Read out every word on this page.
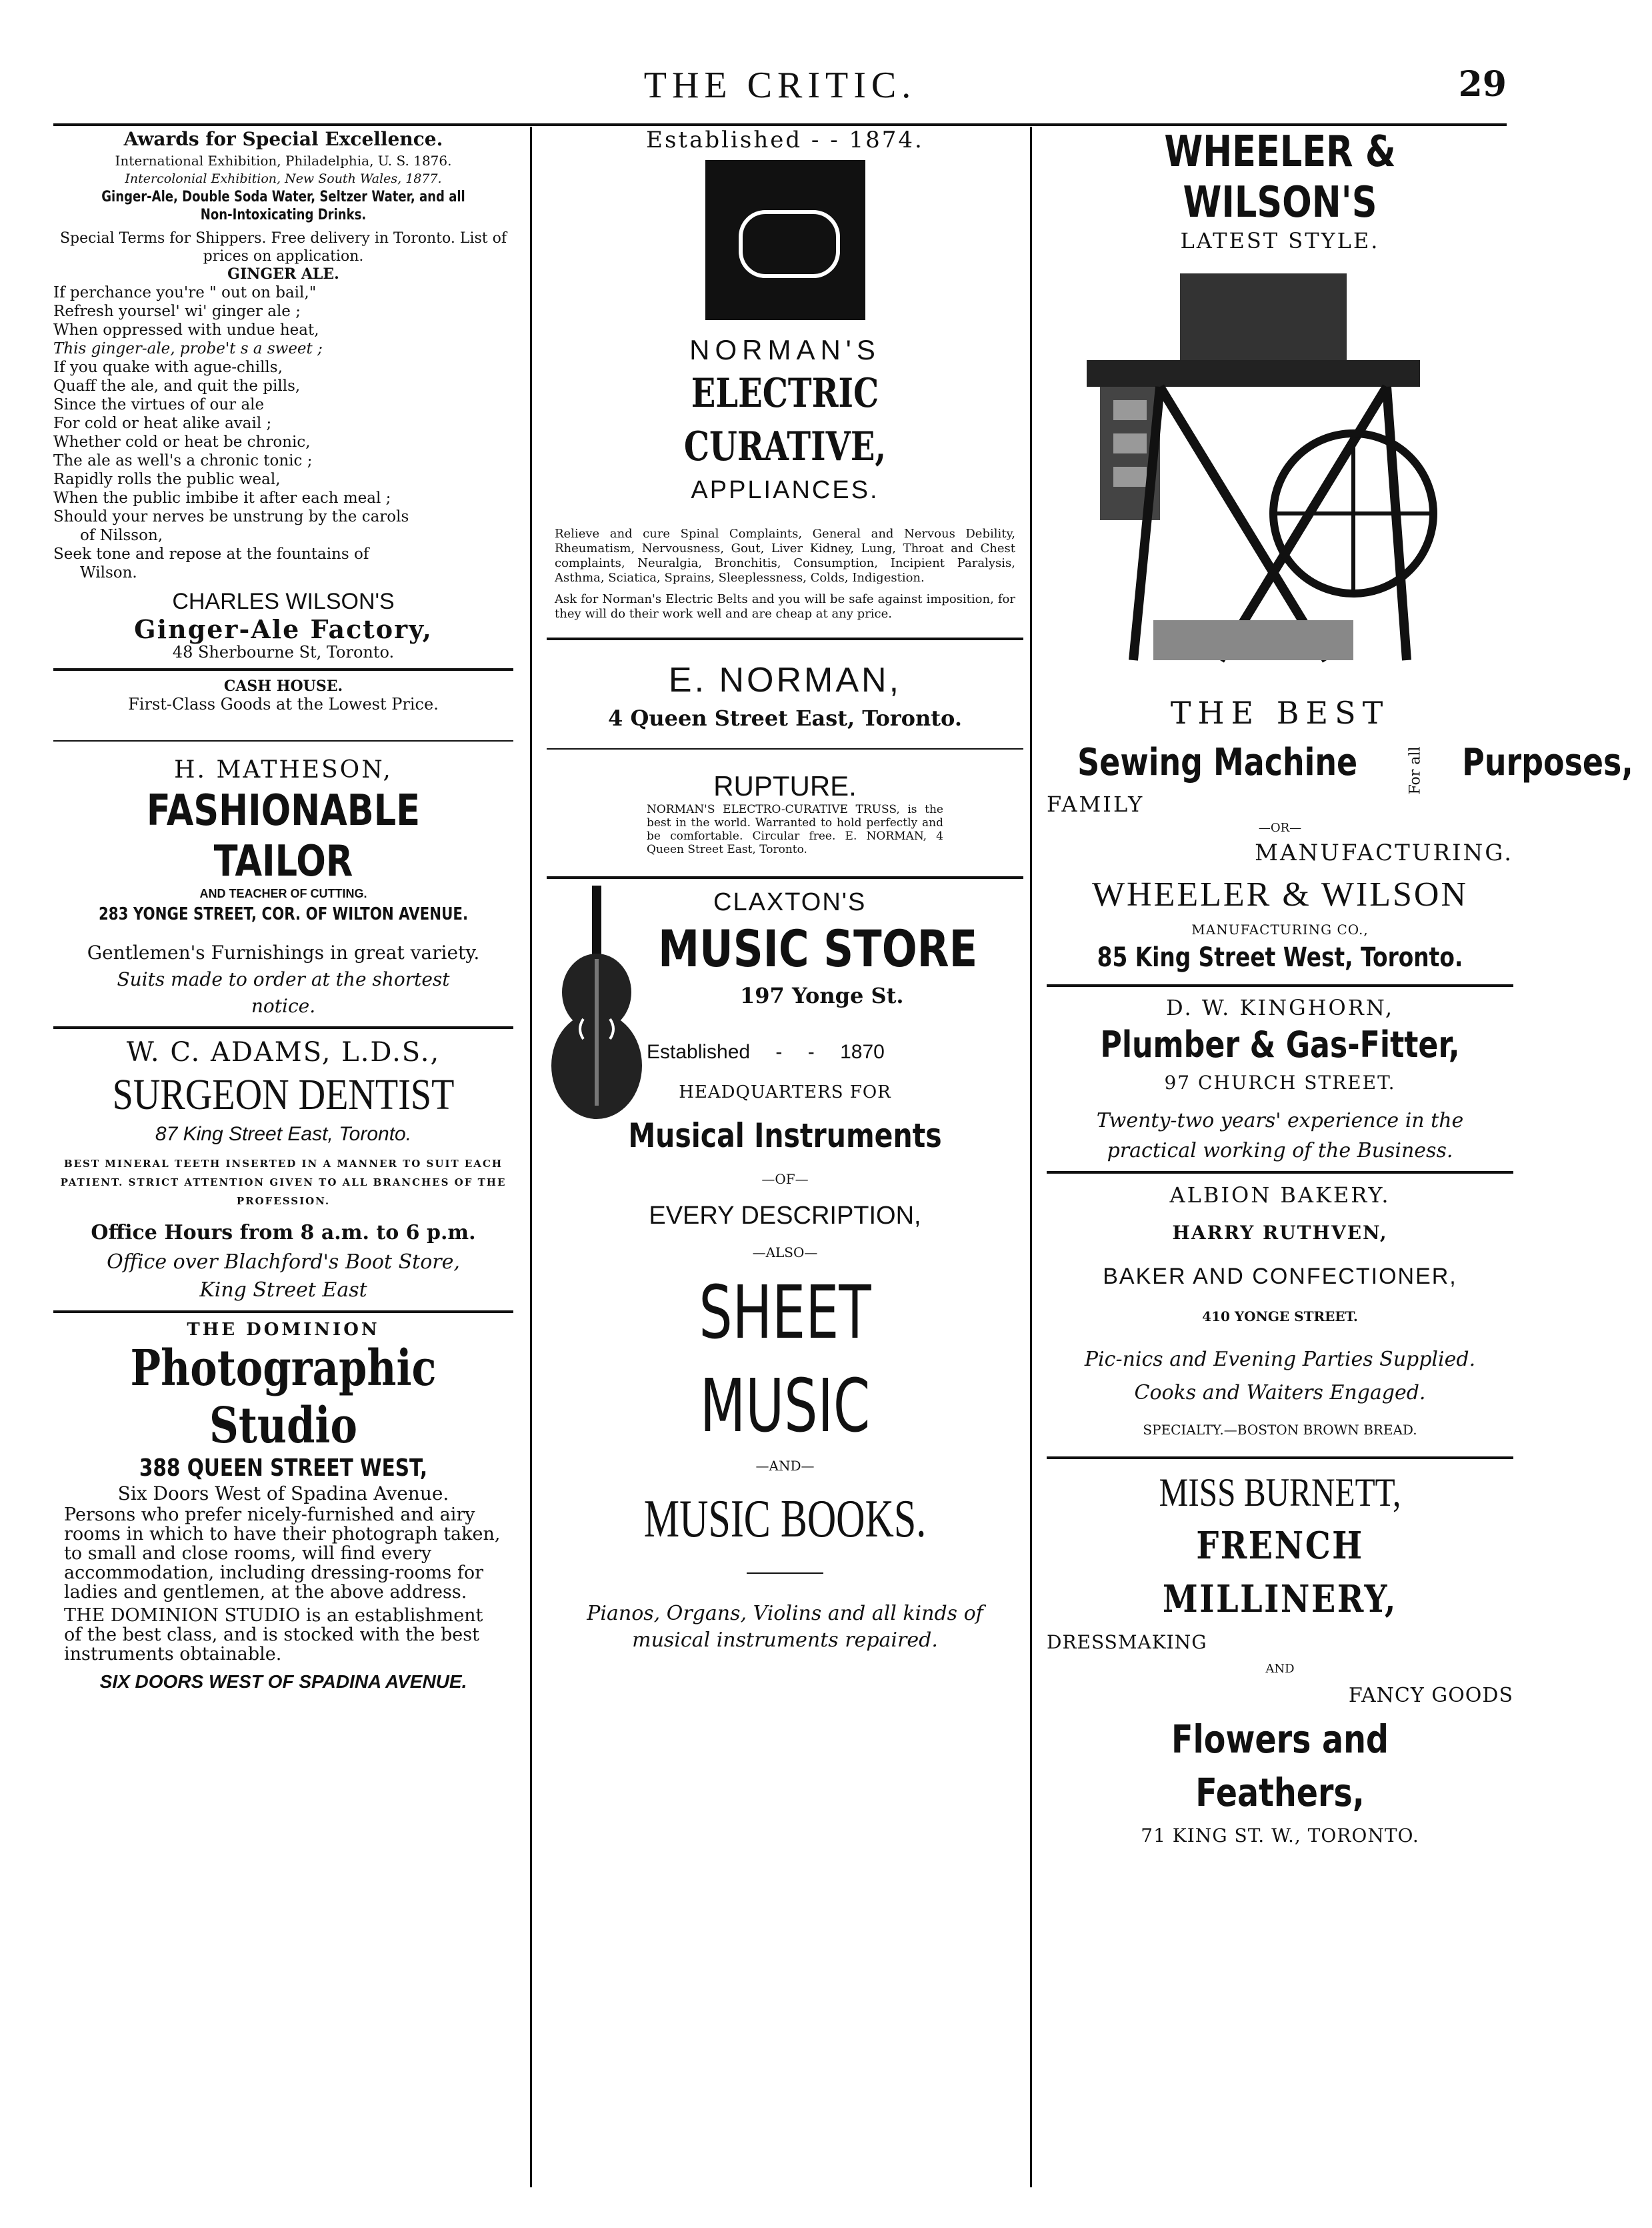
THE CRITIC.	29

Awards for Special Excellence.

International Exhibition, Philadelphia, U. S. 1876.

Intercolonial Exhibition, New South Wales, 1877.

Ginger-Ale, Double Soda Water, Seltzer Water, and all Non-Intoxicating Drinks.

Special Terms for Shippers. Free delivery in Toronto. List of prices on application.

GINGER ALE.

If perchance you're " out on bail,"

Refresh yoursel' wi' ginger ale ;

When oppressed with undue heat,

This ginger-ale, probe't s a sweet ;

If you quake with ague-chills,

Quaff the ale, and quit the pills,

Since the virtues of our ale

For cold or heat alike avail ;

Whether cold or heat be chronic,

The ale as well's a chronic tonic ;

Rapidly rolls the public weal,

When the public imbibe it after each meal ;

Should your nerves be unstrung by the carols

of Nilsson,

Seek tone and repose at the fountains of

Wilson.

CHARLES WILSON'S

Ginger-Ale Factory,

48 Sherbourne St, Toronto.

CASH HOUSE.

First-Class Goods at the Lowest Price.

H. MATHESON,

FASHIONABLE TAILOR

AND TEACHER OF CUTTING.

283 YONGE STREET, COR. OF WILTON AVENUE.

Gentlemen's Furnishings in great variety.

Suits made to order at the shortest

notice.

W. C. ADAMS, L.D.S.,

SURGEON DENTIST

87 King Street East, Toronto.

BEST MINERAL TEETH INSERTED IN A MANNER TO SUIT EACH PATIENT. STRICT ATTENTION GIVEN TO ALL BRANCHES OF THE PROFESSION.

Office Hours from 8 a.m. to 6 p.m.

Office over Blachford's Boot Store,

King Street East

THE DOMINION

Photographic Studio

388 QUEEN STREET WEST,

Six Doors West of Spadina Avenue.

Persons who prefer nicely-furnished and airy rooms in which to have their photograph taken, to small and close rooms, will find every accommodation, including dressing-rooms for ladies and gentlemen, at the above address.

THE DOMINION STUDIO is an establishment of the best class, and is stocked with the best instruments obtainable.

SIX DOORS WEST OF SPADINA AVENUE.

Established - - 1874.

NORMAN'S

ELECTRIC CURATIVE,

APPLIANCES.

Relieve and cure Spinal Complaints, General and Nervous Debility, Rheumatism, Nervousness, Gout, Liver Kidney, Lung, Throat and Chest complaints, Neuralgia, Bronchitis, Consumption, Incipient Paralysis, Asthma, Sciatica, Sprains, Sleeplessness, Colds, Indigestion.

Ask for Norman's Electric Belts and you will be safe against imposition, for they will do their work well and are cheap at any price.

E. NORMAN,

4 Queen Street East, Toronto.

RUPTURE.

NORMAN'S ELECTRO-CURATIVE TRUSS, is the best in the world. Warranted to hold perfectly and be comfortable. Circular free. E. NORMAN, 4 Queen Street East, Toronto.

CLAXTON'S

MUSIC STORE

197 Yonge St.

Established - - 1870

HEADQUARTERS FOR

Musical Instruments

—OF—

EVERY DESCRIPTION,

—ALSO—

SHEET MUSIC

—AND—

MUSIC BOOKS.

Pianos, Organs, Violins and all kinds of musical instruments repaired.

WHEELER & WILSON'S

LATEST STYLE.

THE BEST

Sewing Machine	For all Purposes,

FAMILY

—OR—

MANUFACTURING.

WHEELER & WILSON

MANUFACTURING CO.,

85 King Street West, Toronto.

D. W. KINGHORN,

Plumber & Gas-Fitter,

97 CHURCH STREET.

Twenty-two years' experience in the

practical working of the Business.

ALBION BAKERY.

HARRY RUTHVEN,

BAKER AND CONFECTIONER,

410 YONGE STREET.

Pic-nics and Evening Parties Supplied.

Cooks and Waiters Engaged.

SPECIALTY.—BOSTON BROWN BREAD.

MISS BURNETT,

FRENCH MILLINERY,

DRESSMAKING

AND

FANCY GOODS

Flowers and Feathers,

71 KING ST. W., TORONTO.
